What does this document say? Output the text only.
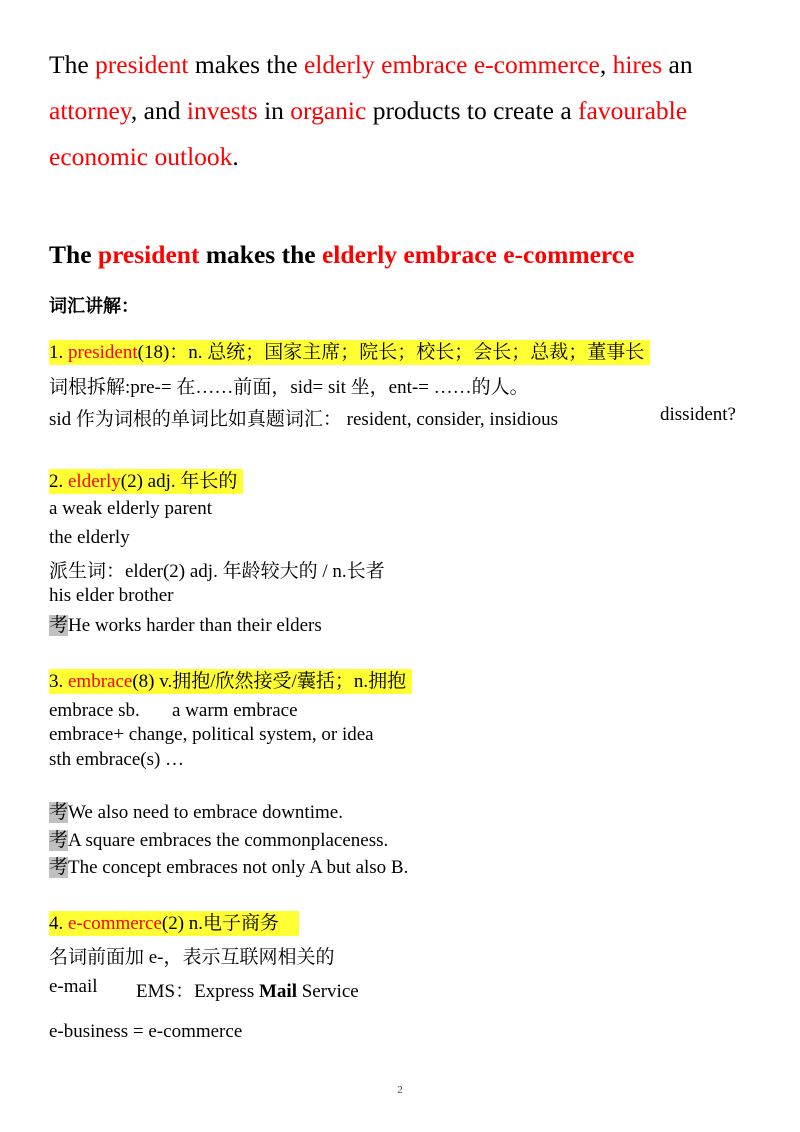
The president makes the elderly embrace e-commerce, hires an
attorney, and invests in organic products to create a favourable
economic outlook.
The president makes the elderly embrace e-commerce
词汇讲解：
1. president(18)：n. 总统；国家主席；院长；校长；会长；总裁；董事长
词根拆解:pre-= 在……前面，sid= sit 坐，ent-= ……的人。
sid 作为词根的单词比如真题词汇： resident, consider, insidious	dissident?
2. elderly(2) adj. 年长的
a weak elderly parent
the elderly
派生词：elder(2) adj. 年龄较大的 / n.长者
his elder brother
考He works harder than their elders
3. embrace(8) v.拥抱/欣然接受/囊括；n.拥抱
embrace sb. a warm embrace
embrace+ change, political system, or idea
sth embrace(s) …
考We also need to embrace downtime.
考A square embraces the commonplaceness.
考The concept embraces not only A but also B.
4. e-commerce(2) n.电子商务
名词前面加 e-，表示互联网相关的
e-mail EMS：Express Mail Service
e-business = e-commerce
2
